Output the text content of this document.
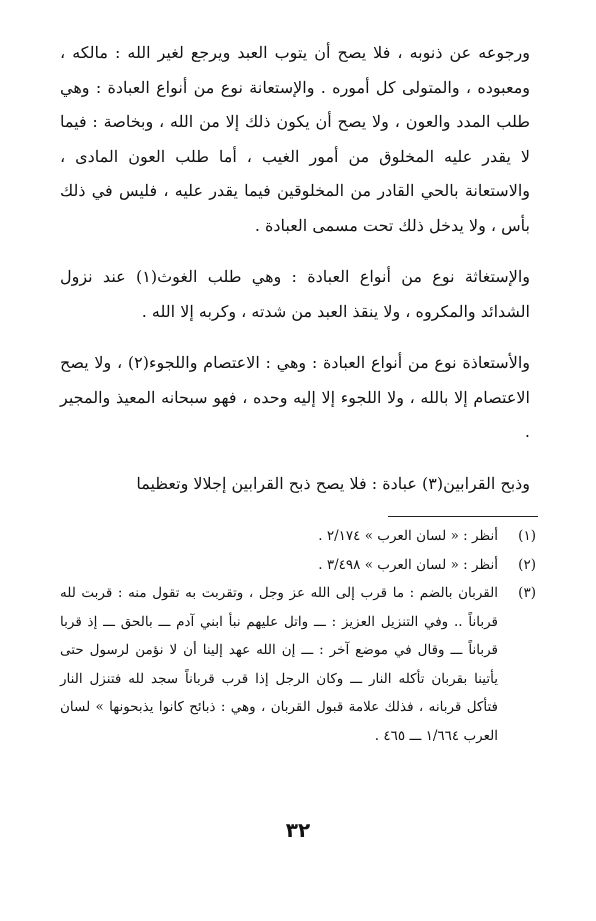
ورجوعه عن ذنوبه ، فلا يصح أن يتوب العبد ويرجع لغير الله : مالكه ، ومعبوده ، والمتولى كل أموره . والإستعانة نوع من أنواع العبادة : وهي طلب المدد والعون ، ولا يصح أن يكون ذلك إلا من الله ، وبخاصة : فيما لا يقدر عليه المخلوق من أمور الغيب ، أما طلب العون المادى ، والاستعانة بالحي القادر من المخلوقين فيما يقدر عليه ، فليس في ذلك بأس ، ولا يدخل ذلك تحت مسمى العبادة .

والإستغاثة نوع من أنواع العبادة : وهي طلب الغوث(١) عند نزول الشدائد والمكروه ، ولا ينقذ العبد من شدته ، وكربه إلا الله .

والأستعاذة نوع من أنواع العبادة : وهي : الاعتصام واللجوء(٢) ، ولا يصح الاعتصام إلا بالله ، ولا اللجوء إلا إليه وحده ، فهو سبحانه المعيذ والمجير .

وذبح القرابين(٣) عبادة : فلا يصح ذبح القرابين إجلالا وتعظيما

(١)
أنظر : « لسان العرب » ٢/١٧٤ .
(٢)
أنظر : « لسان العرب » ٣/٤٩٨ .
(٣)
القربان بالضم : ما قرب إلى الله عز وجل ، وتقربت به تقول منه : قربت لله قرباناً .. وفي التنزيل العزيز : ـــ واتل عليهم نبأ ابني آدم ـــ بالحق ـــ إذ قربا قرباناً ـــ وقال في موضع آخر : ـــ إن الله عهد إلينا أن لا نؤمن لرسول حتى يأتينا بقربان تأكله النار ـــ وكان الرجل إذا قرب قرباناً سجد لله فتنزل النار فتأكل قربانه ، فذلك علامة قبول القربان ، وهي : ذبائح كانوا يذبحونها » لسان العرب ١/٦٦٤ ـــ ٤٦٥ .
٣٢
